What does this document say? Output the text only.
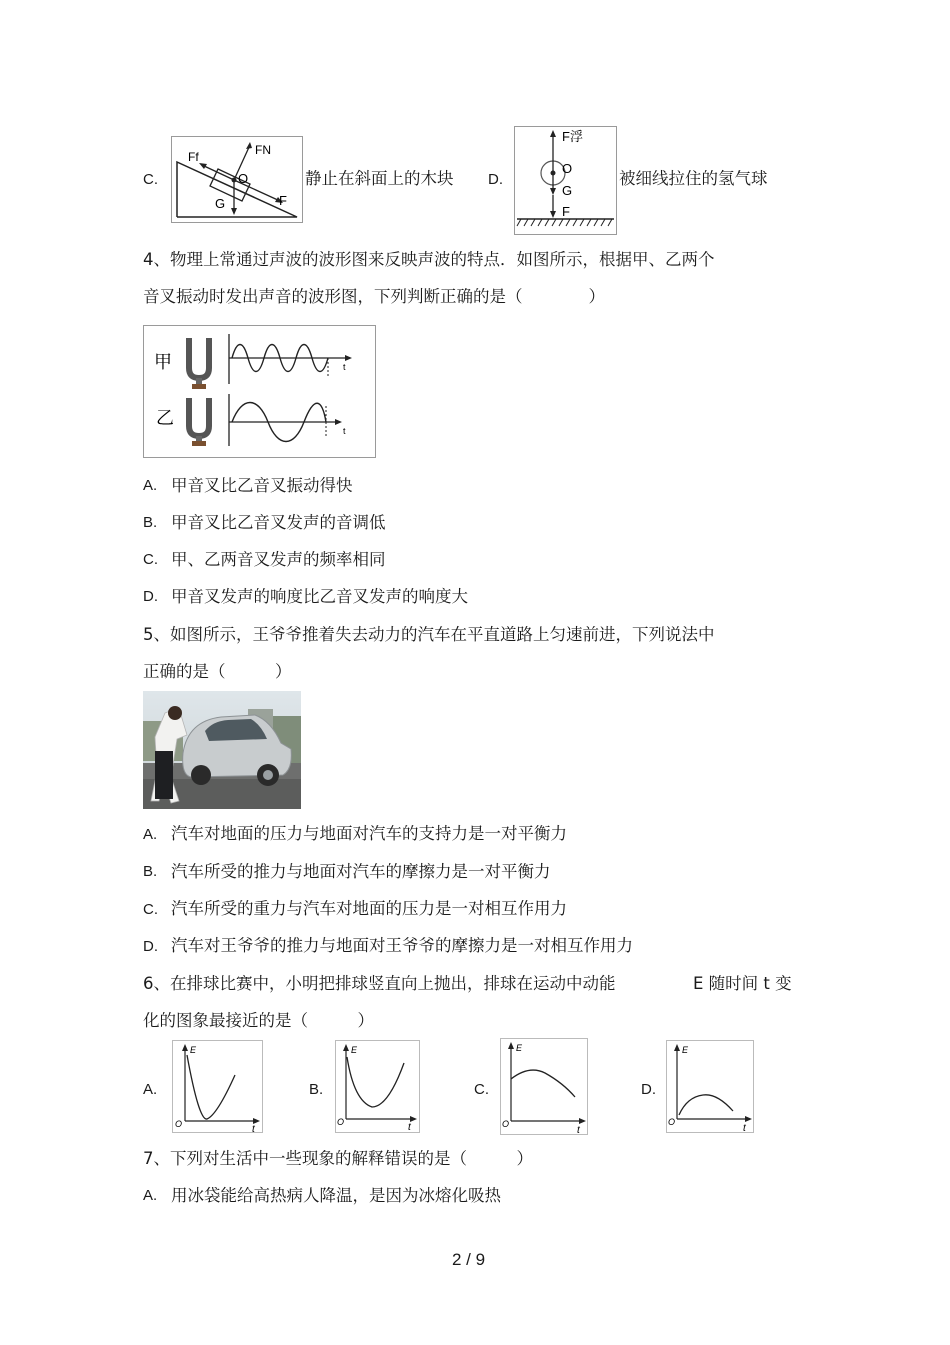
C.
Ff	FN
O
G	F
静止在斜面上的木块 D.
F浮
O
G
F
被细线拉住的氢气球
4、物理上常通过声波的波形图来反映声波的特点．如图所示，根据甲、乙两个
音叉振动时发出声音的波形图，下列判断正确的是（　　　　）
甲
乙
t
t
A. 甲音叉比乙音叉振动得快
B. 甲音叉比乙音叉发声的音调低
C. 甲、乙两音叉发声的频率相同
D. 甲音叉发声的响度比乙音叉发声的响度大
5、如图所示，王爷爷推着失去动力的汽车在平直道路上匀速前进，下列说法中
正确的是（　　　）
A. 汽车对地面的压力与地面对汽车的支持力是一对平衡力
B. 汽车所受的推力与地面对汽车的摩擦力是一对平衡力
C. 汽车所受的重力与汽车对地面的压力是一对相互作用力
D. 汽车对王爷爷的推力与地面对王爷爷的摩擦力是一对相互作用力
6、在排球比赛中，小明把排球竖直向上抛出，排球在运动中动能	E 随时间 t 变
化的图象最接近的是（　　　）
A.
E
O	t
B.
E
O	t
C.
E
O
t
D.
E
O
t
7、下列对生活中一些现象的解释错误的是（　　　）
A. 用冰袋能给高热病人降温，是因为冰熔化吸热
2 / 9
